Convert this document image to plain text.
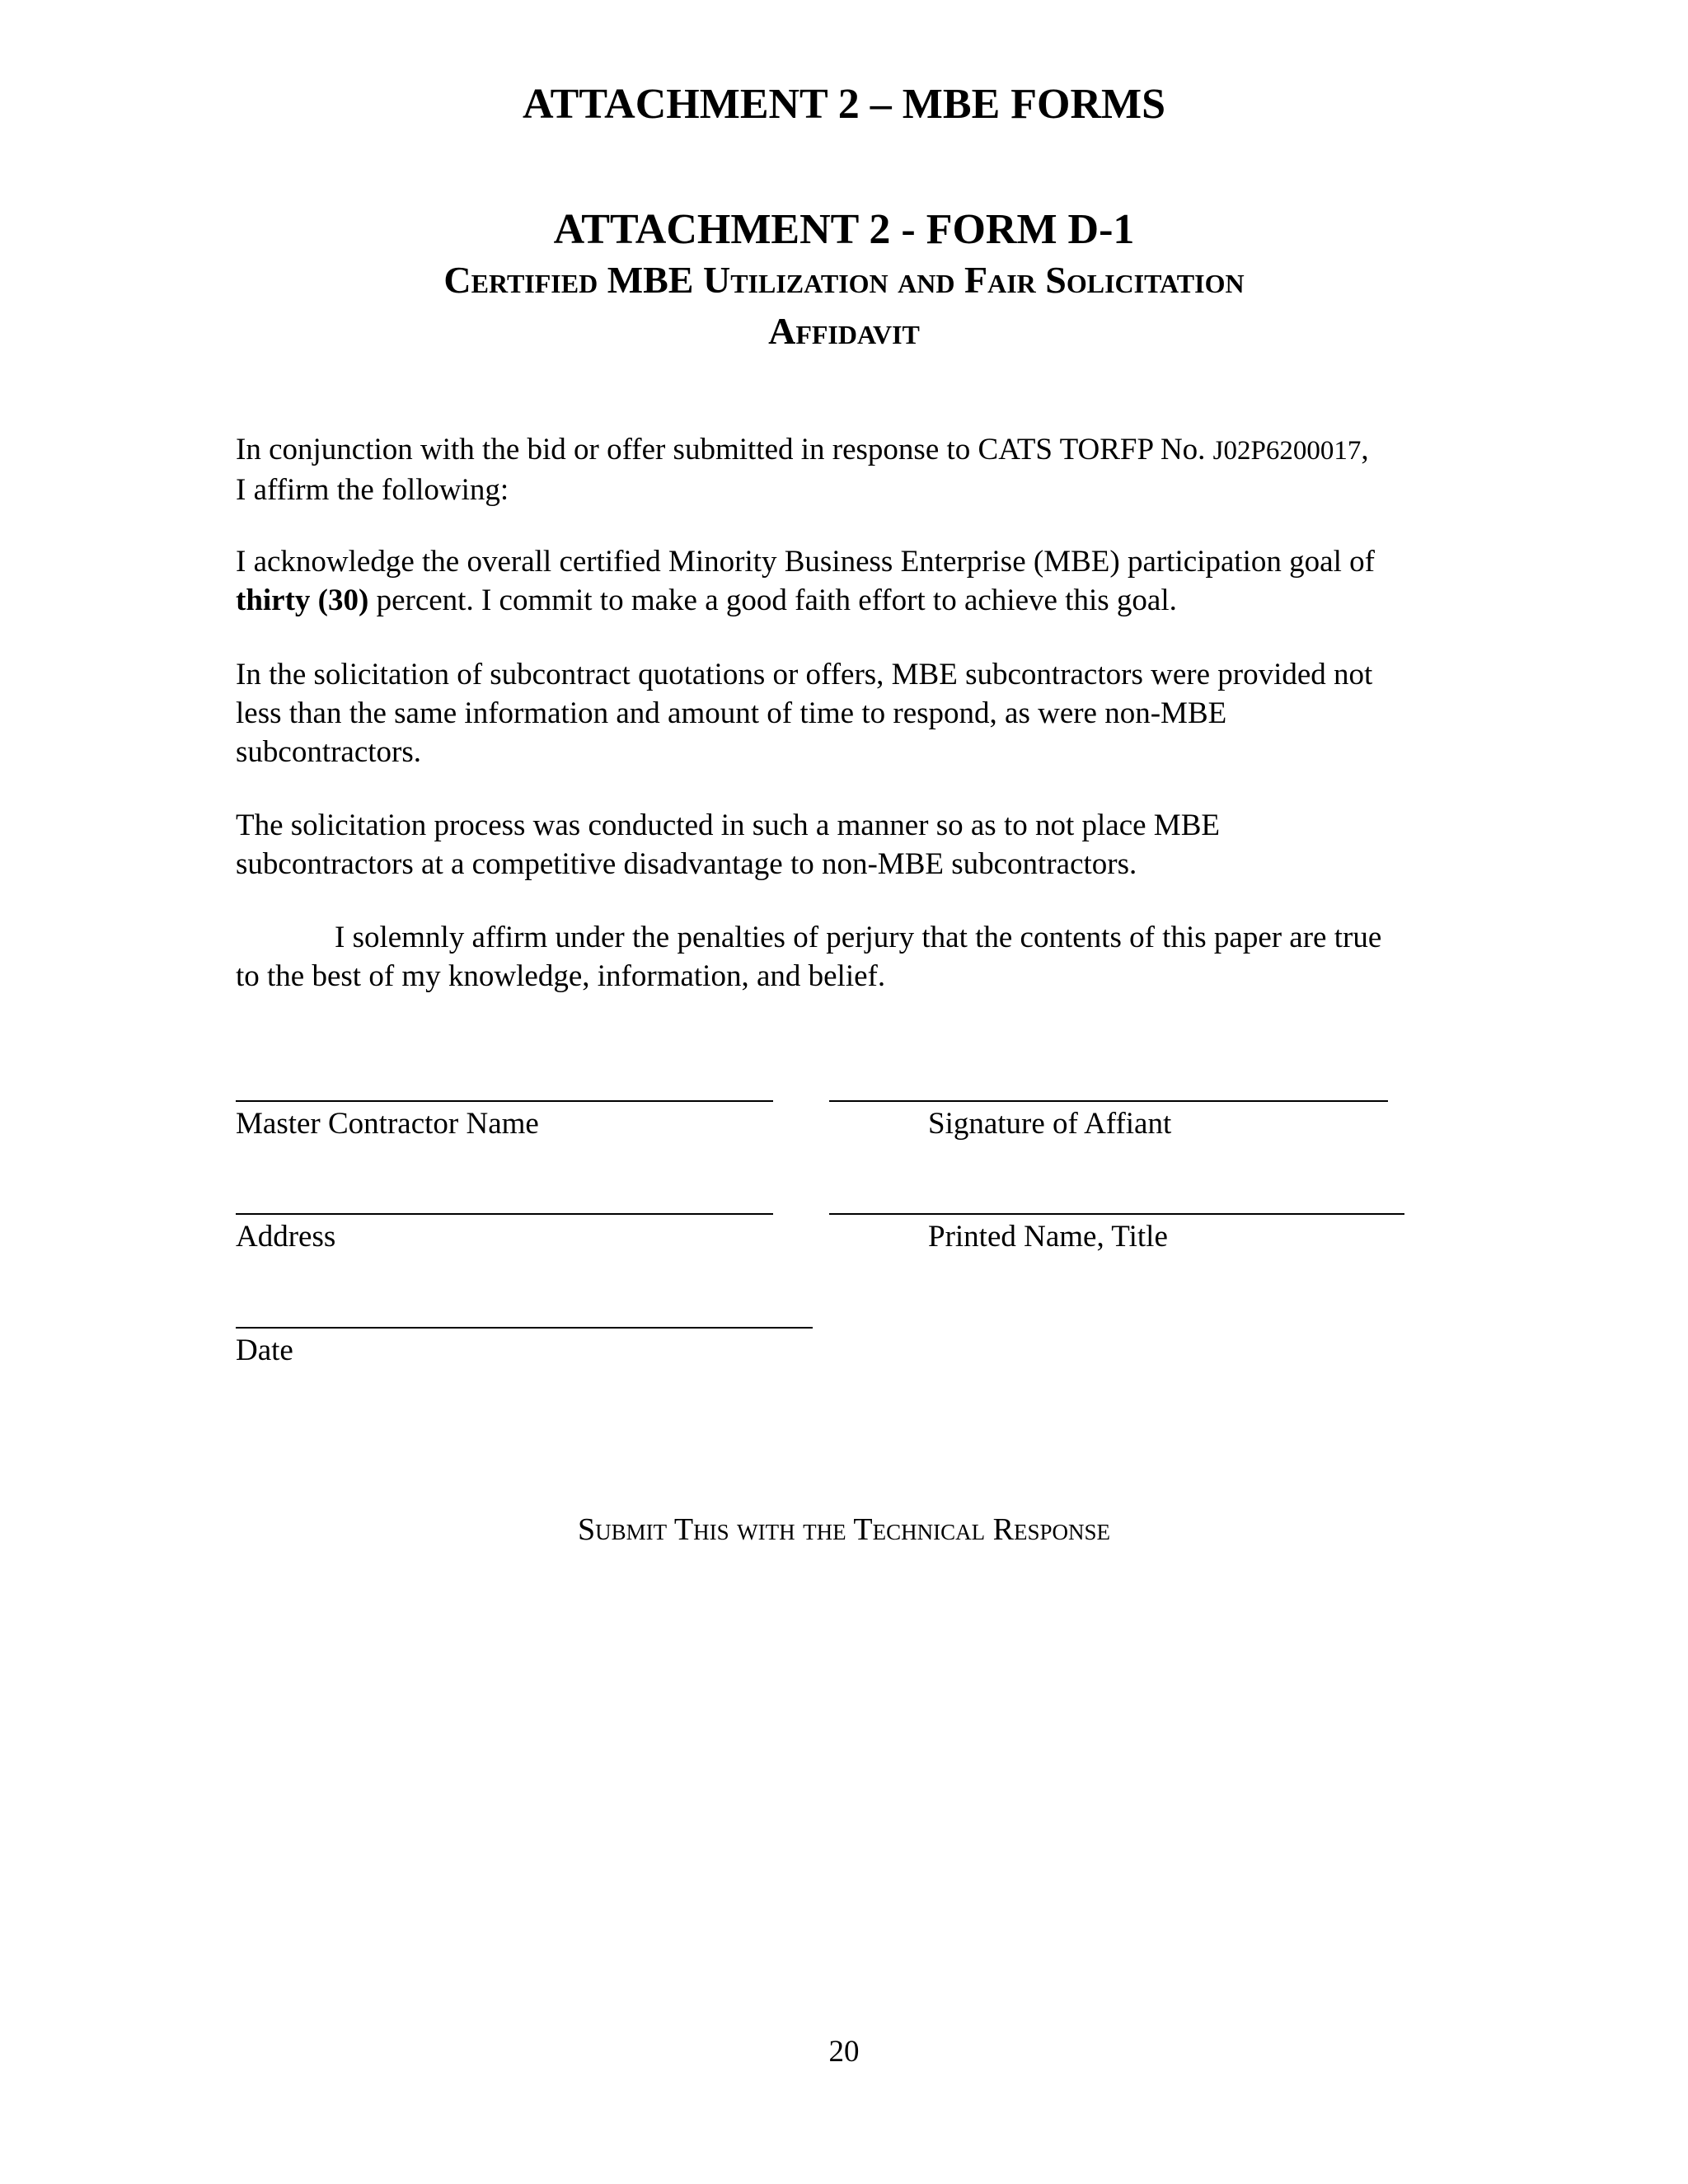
ATTACHMENT 2 – MBE FORMS
ATTACHMENT 2 - FORM D-1
Certified MBE Utilization and Fair Solicitation
Affidavit

In conjunction with the bid or offer submitted in response to CATS TORFP No. J02P6200017,
I affirm the following:

I acknowledge the overall certified Minority Business Enterprise (MBE) participation goal of
thirty (30) percent. I commit to make a good faith effort to achieve this goal.

In the solicitation of subcontract quotations or offers, MBE subcontractors were provided not
less than the same information and amount of time to respond, as were non-MBE
subcontractors.

The solicitation process was conducted in such a manner so as to not place MBE
subcontractors at a competitive disadvantage to non-MBE subcontractors.

I solemnly affirm under the penalties of perjury that the contents of this paper are true
to the best of my knowledge, information, and belief.

Master Contractor Name	Signature of Affiant
Address	Printed Name, Title
Date
Submit This with the Technical Response
20
